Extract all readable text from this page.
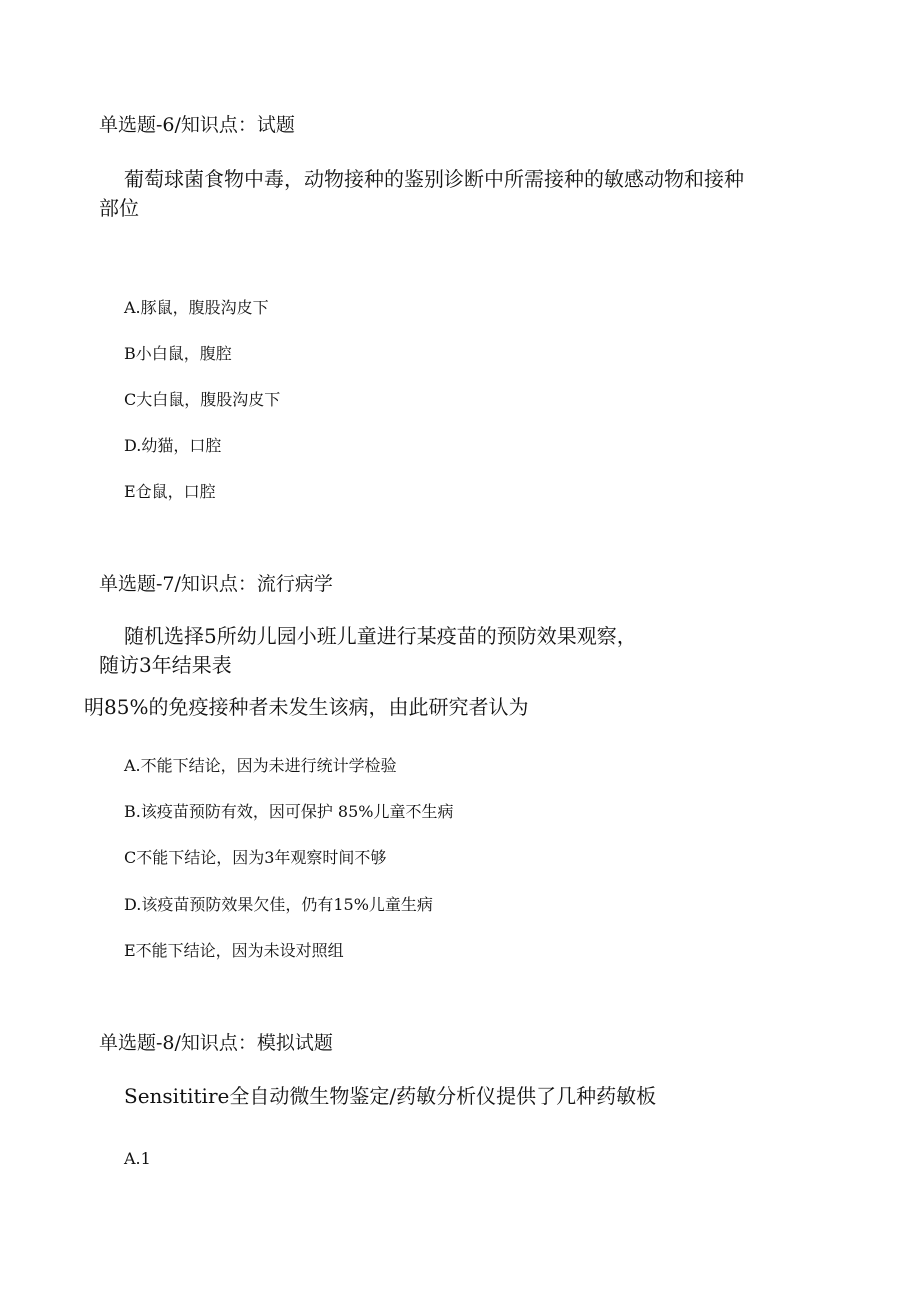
单选题-6/知识点：试题
葡萄球菌食物中毒，动物接种的鉴别诊断中所需接种的敏感动物和接种
部位
A.豚鼠，腹股沟皮下
B小白鼠，腹腔
C大白鼠，腹股沟皮下
D.幼猫，口腔
E仓鼠，口腔
单选题-7/知识点：流行病学
随机选择5所幼儿园小班儿童进行某疫苗的预防效果观察，
随访3年结果表
明85%的免疫接种者未发生该病，由此研究者认为
A.不能下结论，因为未进行统计学检验
B.该疫苗预防有效，因可保护 85%儿童不生病
C不能下结论，因为3年观察时间不够
D.该疫苗预防效果欠佳，仍有15%儿童生病
E不能下结论，因为未设对照组
单选题-8/知识点：模拟试题
Sensititire全自动微生物鉴定/药敏分析仪提供了几种药敏板
A.1
